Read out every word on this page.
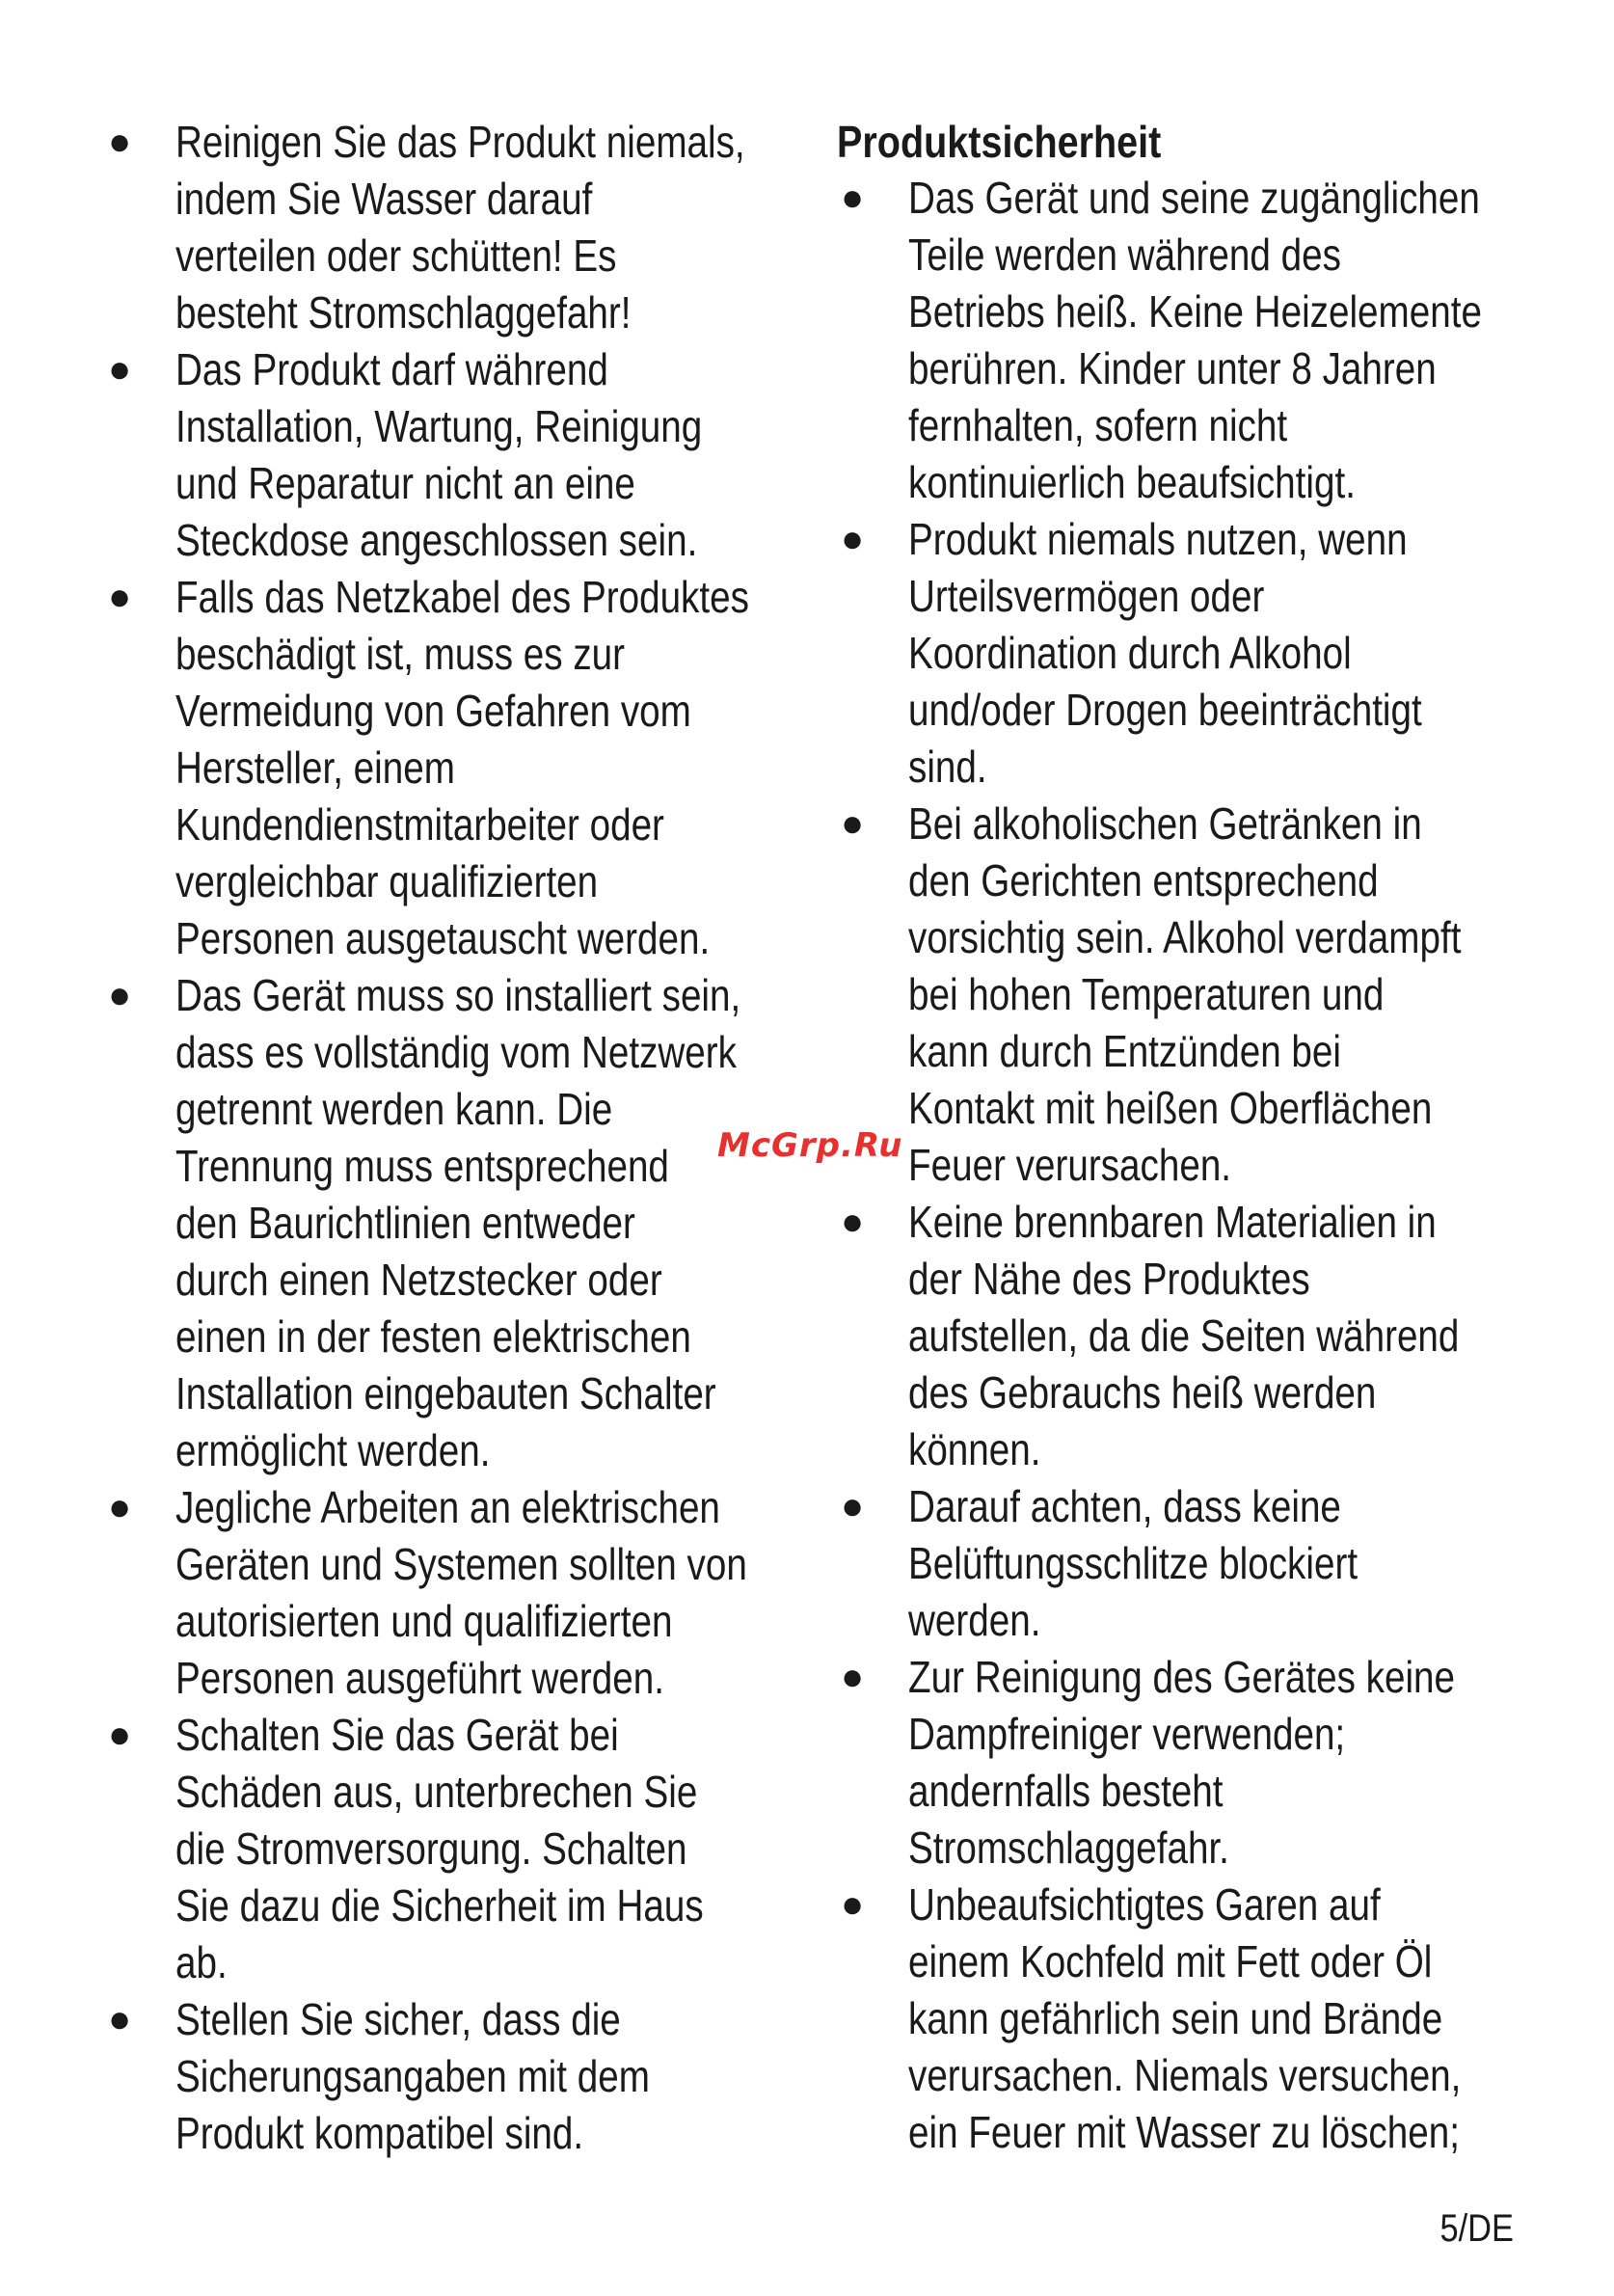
● Reinigen Sie das Produkt niemals,
indem Sie Wasser darauf
verteilen oder schütten! Es
besteht Stromschlaggefahr!
● Das Produkt darf während
Installation, Wartung, Reinigung
und Reparatur nicht an eine
Steckdose angeschlossen sein.
● Falls das Netzkabel des Produktes
beschädigt ist, muss es zur
Vermeidung von Gefahren vom
Hersteller, einem
Kundendienstmitarbeiter oder
vergleichbar qualifizierten
Personen ausgetauscht werden.
● Das Gerät muss so installiert sein,
dass es vollständig vom Netzwerk
getrennt werden kann. Die
Trennung muss entsprechend
den Baurichtlinien entweder
durch einen Netzstecker oder
einen in der festen elektrischen
Installation eingebauten Schalter
ermöglicht werden.
● Jegliche Arbeiten an elektrischen
Geräten und Systemen sollten von
autorisierten und qualifizierten
Personen ausgeführt werden.
● Schalten Sie das Gerät bei
Schäden aus, unterbrechen Sie
die Stromversorgung. Schalten
Sie dazu die Sicherheit im Haus
ab.
● Stellen Sie sicher, dass die
Sicherungsangaben mit dem
Produkt kompatibel sind.
Produktsicherheit
● Das Gerät und seine zugänglichen
Teile werden während des
Betriebs heiß. Keine Heizelemente
berühren. Kinder unter 8 Jahren
fernhalten, sofern nicht
kontinuierlich beaufsichtigt.
● Produkt niemals nutzen, wenn
Urteilsvermögen oder
Koordination durch Alkohol
und/oder Drogen beeinträchtigt
sind.
● Bei alkoholischen Getränken in
den Gerichten entsprechend
vorsichtig sein. Alkohol verdampft
bei hohen Temperaturen und
kann durch Entzünden bei
Kontakt mit heißen Oberflächen
Feuer verursachen.
● Keine brennbaren Materialien in
der Nähe des Produktes
aufstellen, da die Seiten während
des Gebrauchs heiß werden
können.
● Darauf achten, dass keine
Belüftungsschlitze blockiert
werden.
● Zur Reinigung des Gerätes keine
Dampfreiniger verwenden;
andernfalls besteht
Stromschlaggefahr.
● Unbeaufsichtigtes Garen auf
einem Kochfeld mit Fett oder Öl
kann gefährlich sein und Brände
verursachen. Niemals versuchen,
ein Feuer mit Wasser zu löschen;
McGrp.Ru
5/DE
